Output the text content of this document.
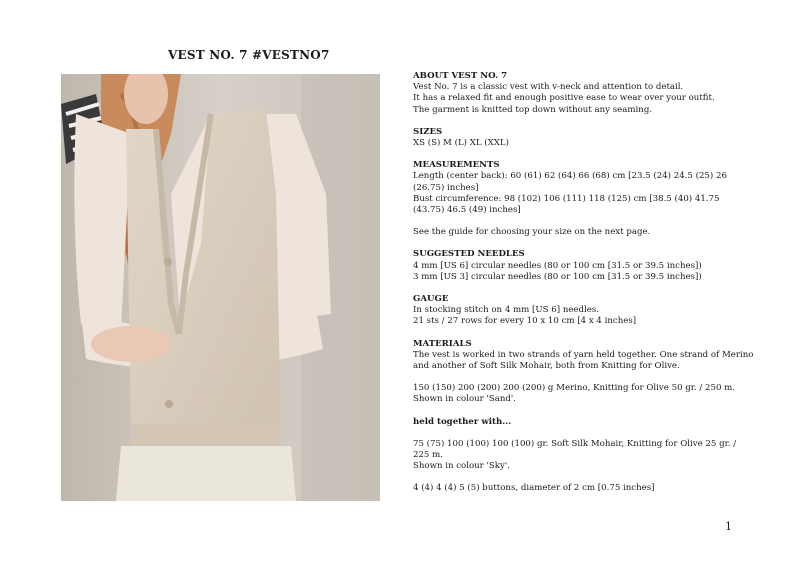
VEST NO. 7 #VESTNO7
ABOUT VEST NO. 7
Vest No. 7 is a classic vest with v-neck and attention to detail.
It has a relaxed fit and enough positive ease to wear over your outfit.
The garment is knitted top down without any seaming.
SIZES
XS (S) M (L) XL (XXL)
MEASUREMENTS
Length (center back): 60 (61) 62 (64) 66 (68) cm [23.5 (24) 24.5 (25) 26
(26.75) inches]
Bust circumference: 98 (102) 106 (111) 118 (125) cm [38.5 (40) 41.75
(43.75) 46.5 (49) inches]
See the guide for choosing your size on the next page.
SUGGESTED NEEDLES
4 mm [US 6] circular needles (80 or 100 cm [31.5 or 39.5 inches])
3 mm [US 3] circular needles (80 or 100 cm [31.5 or 39.5 inches])
GAUGE
In stocking stitch on 4 mm [US 6] needles.
21 sts / 27 rows for every 10 x 10 cm [4 x 4 inches]
MATERIALS
The vest is worked in two strands of yarn held together. One strand of Merino
and another of Soft Silk Mohair, both from Knitting for Olive.
150 (150) 200 (200) 200 (200) g Merino, Knitting for Olive 50 gr. / 250 m.
Shown in colour 'Sand'.
held together with...
75 (75) 100 (100) 100 (100) gr. Soft Silk Mohair, Knitting for Olive 25 gr. /
225 m.
Shown in colour 'Sky'.
4 (4) 4 (4) 5 (5) buttons, diameter of 2 cm [0.75 inches]
1
